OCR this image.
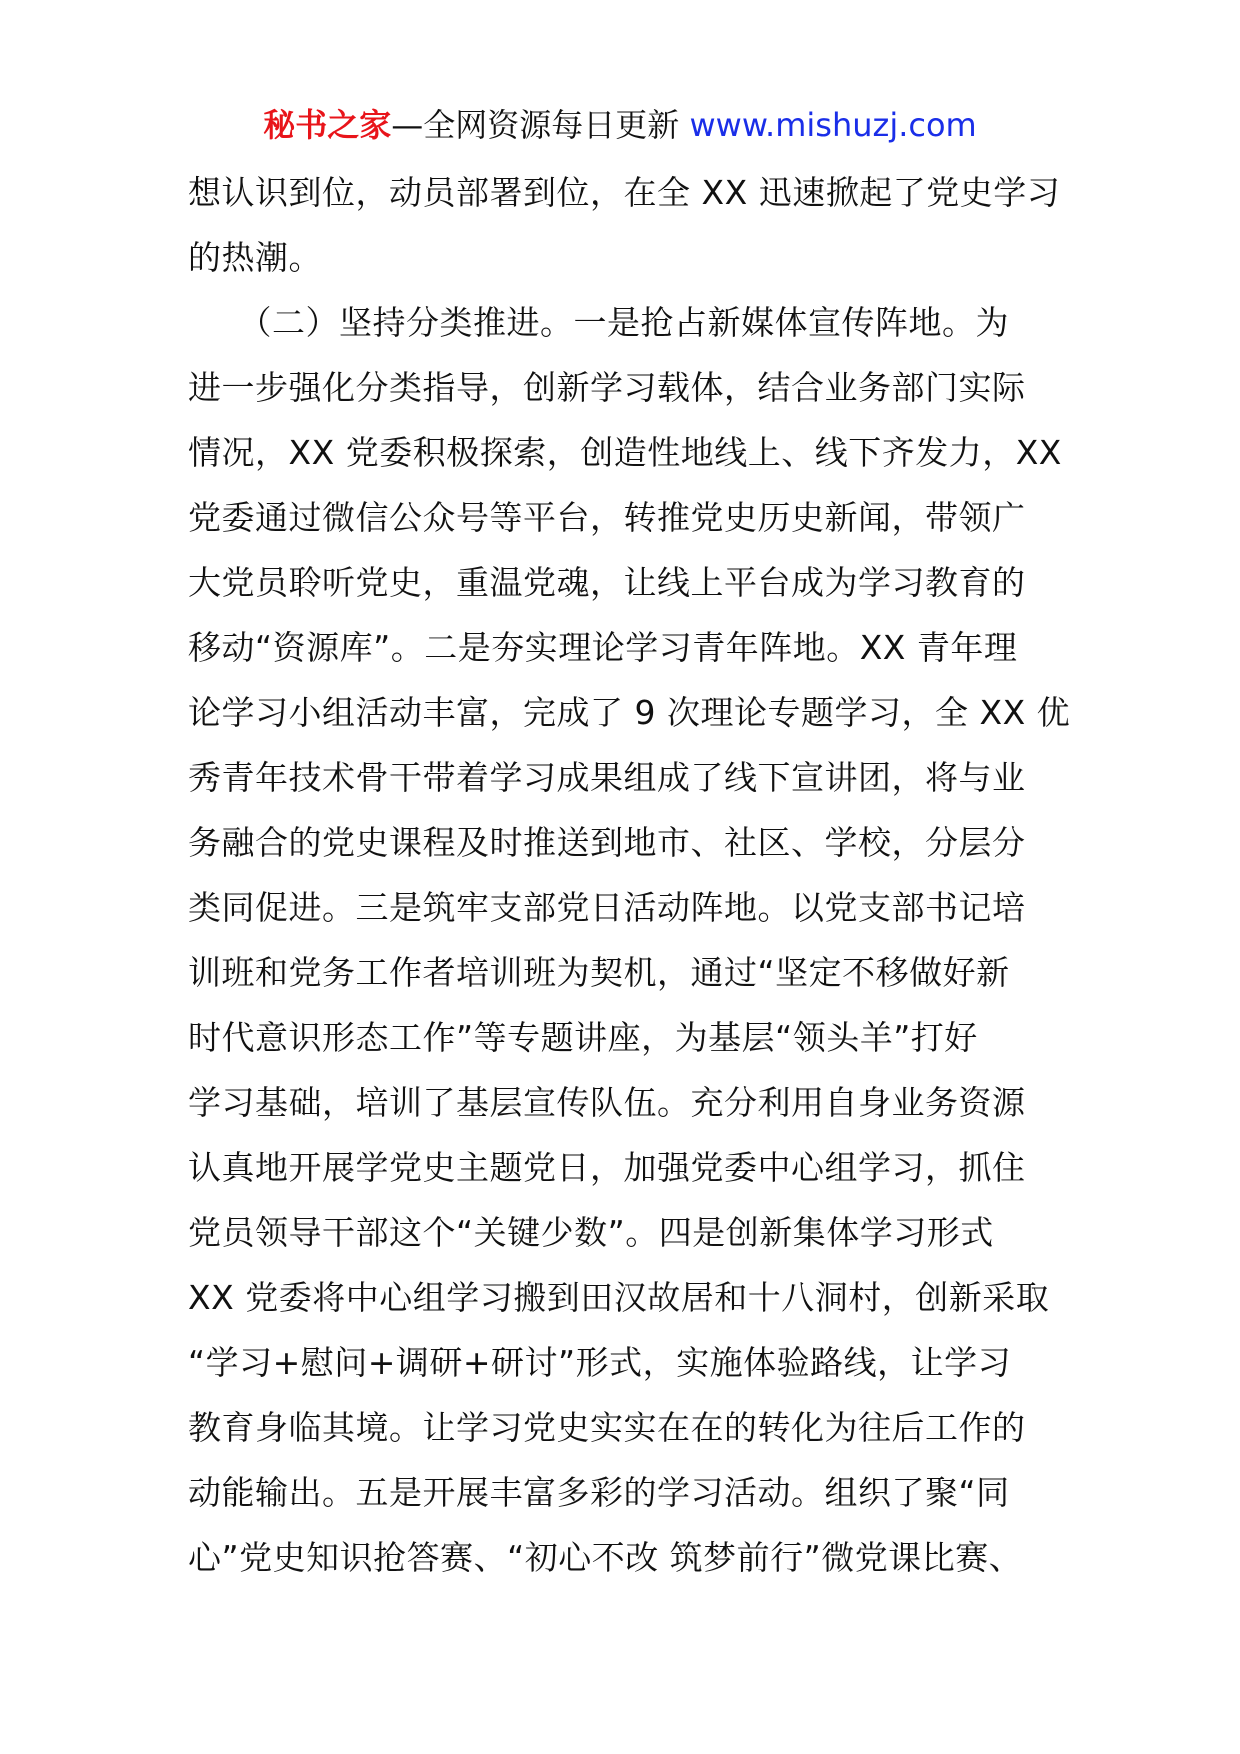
秘书之家—全网资源每日更新 www.mishuzj.com
想认识到位，动员部署到位，在全 XX 迅速掀起了党史学习
的热潮。
　　（二）坚持分类推进。一是抢占新媒体宣传阵地。为
进一步强化分类指导，创新学习载体，结合业务部门实际
情况，XX 党委积极探索，创造性地线上、线下齐发力，XX
党委通过微信公众号等平台，转推党史历史新闻，带领广
大党员聆听党史，重温党魂，让线上平台成为学习教育的
移动“资源库”。二是夯实理论学习青年阵地。XX 青年理
论学习小组活动丰富，完成了 9 次理论专题学习，全 XX 优
秀青年技术骨干带着学习成果组成了线下宣讲团，将与业
务融合的党史课程及时推送到地市、社区、学校，分层分
类同促进。三是筑牢支部党日活动阵地。以党支部书记培
训班和党务工作者培训班为契机，通过“坚定不移做好新
时代意识形态工作”等专题讲座，为基层“领头羊”打好
学习基础，培训了基层宣传队伍。充分利用自身业务资源
认真地开展学党史主题党日，加强党委中心组学习，抓住
党员领导干部这个“关键少数”。四是创新集体学习形式
XX 党委将中心组学习搬到田汉故居和十八洞村，创新采取
“学习+慰问+调研+研讨”形式，实施体验路线，让学习
教育身临其境。让学习党史实实在在的转化为往后工作的
动能输出。五是开展丰富多彩的学习活动。组织了聚“同
心”党史知识抢答赛、“初心不改 筑梦前行”微党课比赛、
